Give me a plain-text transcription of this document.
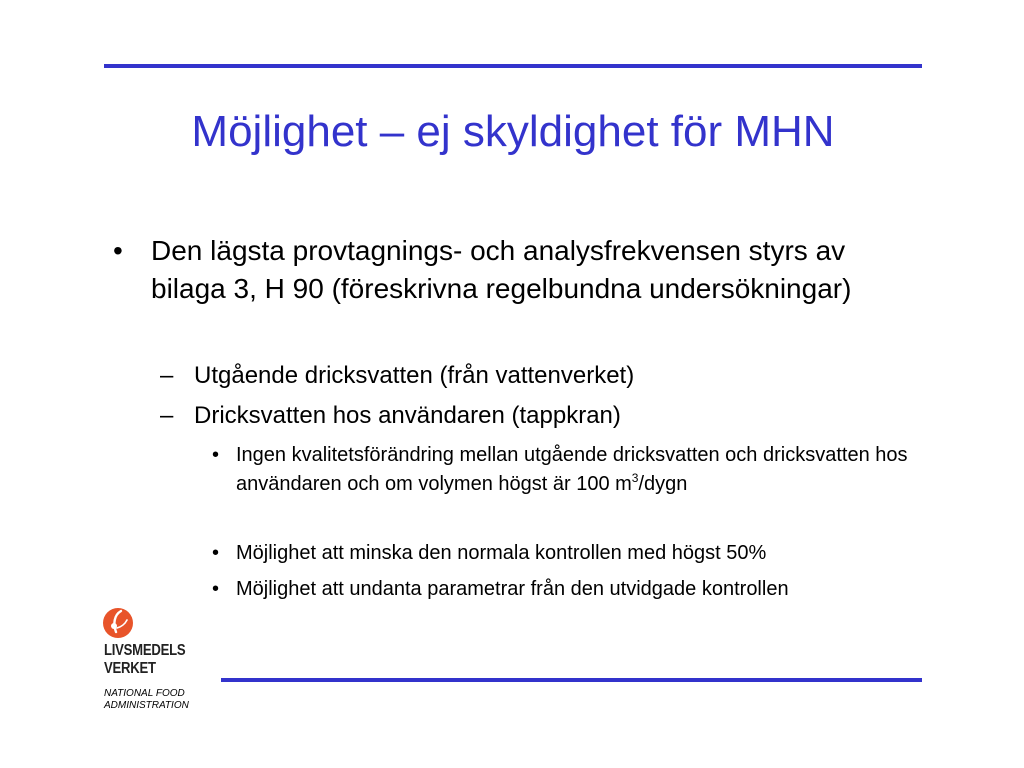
Möjlighet – ej skyldighet för MHN
•	Den lägsta provtagnings- och analysfrekvensen styrs av bilaga 3, H 90 (föreskrivna regelbundna undersökningar)
– Utgående dricksvatten (från vattenverket)
– Dricksvatten hos användaren (tappkran)
• Ingen kvalitetsförändring mellan utgående dricksvatten och dricksvatten hos användaren och om volymen högst är 100 $m^3$/dygn
• Möjlighet att minska den normala kontrollen med högst 50%
• Möjlighet att undanta parametrar från den utvidgade kontrollen
LIVSMEDELS
VERKET
NATIONAL FOOD
ADMINISTRATION
